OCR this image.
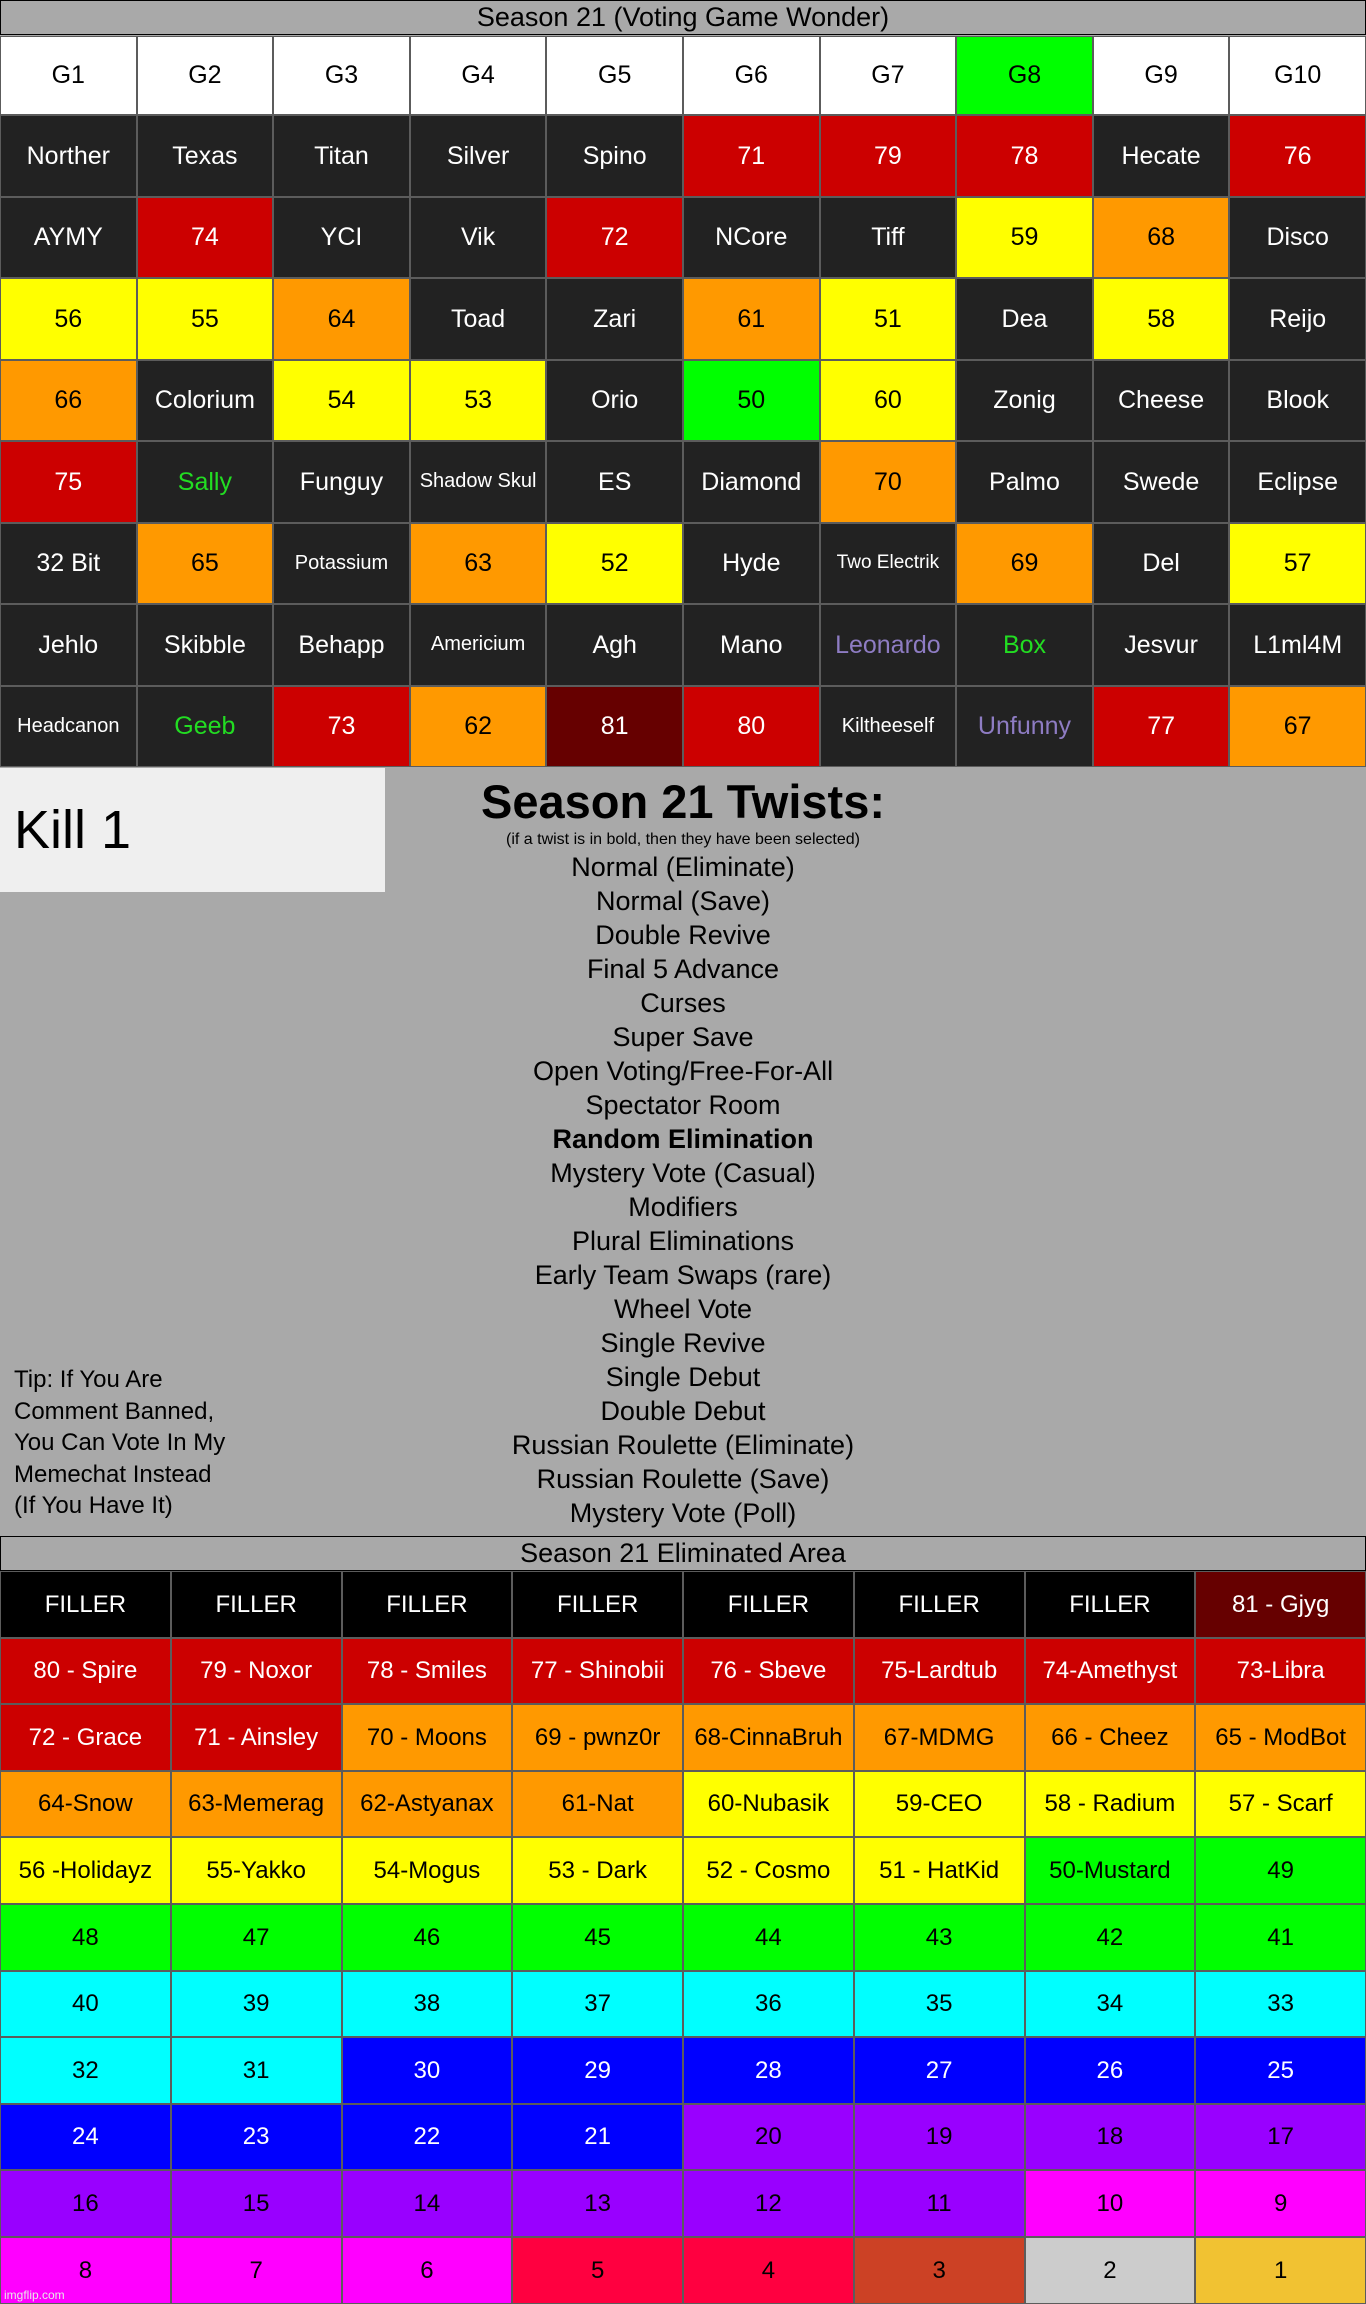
Season 21 (Voting Game Wonder)
G1	G2	G3	G4	G5	G6	G7	G8	G9	G10
Norther	Texas	Titan	Silver	Spino	71	79	78	Hecate	76
AYMY	74	YCI	Vik	72	NCore	Tiff	59	68	Disco
56	55	64	Toad	Zari	61	51	Dea	58	Reijo
66	Colorium	54	53	Orio	50	60	Zonig	Cheese	Blook
75	Sally	Funguy	Shadow Skul	ES	Diamond	70	Palmo	Swede	Eclipse
32 Bit	65	Potassium	63	52	Hyde	Two Electrik	69	Del	57
Jehlo	Skibble	Behapp	Americium	Agh	Mano	Leonardo	Box	Jesvur	L1ml4M
Headcanon	Geeb	73	62	81	80	Kiltheeself	Unfunny	77	67
Kill 1	Season 21 Twists:
(if a twist is in bold, then they have been selected)
Normal (Eliminate)
Normal (Save)
Double Revive
Final 5 Advance
Curses
Super Save
Open Voting/Free-For-All
Spectator Room
Random Elimination
Mystery Vote (Casual)
Modifiers
Plural Eliminations
Early Team Swaps (rare)
Wheel Vote
Single Revive
Single Debut
Double Debut
Russian Roulette (Eliminate)
Russian Roulette (Save)
Mystery Vote (Poll)
Tip: If You Are
Comment Banned,
You Can Vote In My
Memechat Instead
(If You Have It)
Season 21 Eliminated Area
FILLER	FILLER	FILLER	FILLER	FILLER	FILLER	FILLER	81 - Gjyg
80 - Spire	79 - Noxor	78 - Smiles	77 - Shinobii	76 - Sbeve	75-Lardtub	74-Amethyst	73-Libra
72 - Grace	71 - Ainsley	70 - Moons	69 - pwnz0r	68-CinnaBruh	67-MDMG	66 - Cheez	65 - ModBot
64-Snow	63-Memerag	62-Astyanax	61-Nat	60-Nubasik	59-CEO	58 - Radium	57 - Scarf
56 -Holidayz	55-Yakko	54-Mogus	53 - Dark	52 - Cosmo	51 - HatKid	50-Mustard	49
48	47	46	45	44	43	42	41
40	39	38	37	36	35	34	33
32	31	30	29	28	27	26	25
24	23	22	21	20	19	18	17
16	15	14	13	12	11	10	9
8	7	6	5	4	3	2	1
imgflip.com
